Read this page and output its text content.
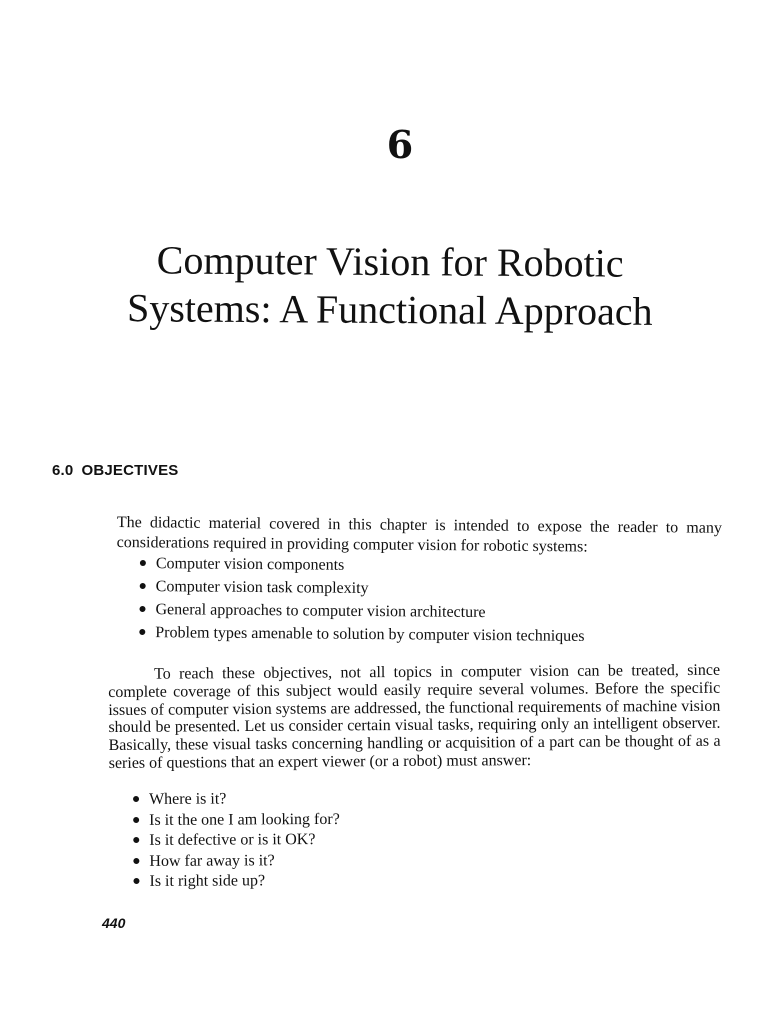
6
Computer Vision for Robotic
Systems: A Functional Approach
6.0 OBJECTIVES

The didactic material covered in this chapter is intended to expose the reader to many considerations required in providing computer vision for robotic systems:

Computer vision components
Computer vision task complexity
General approaches to computer vision architecture
Problem types amenable to solution by computer vision techniques

To reach these objectives, not all topics in computer vision can be treated, since complete coverage of this subject would easily require several volumes. Before the specific issues of computer vision systems are addressed, the functional requirements of machine vision should be presented. Let us consider certain visual tasks, requiring only an intelligent observer. Basically, these visual tasks concerning handling or acquisition of a part can be thought of as a series of questions that an expert viewer (or a robot) must answer:

Where is it?
Is it the one I am looking for?
Is it defective or is it OK?
How far away is it?
Is it right side up?
440
